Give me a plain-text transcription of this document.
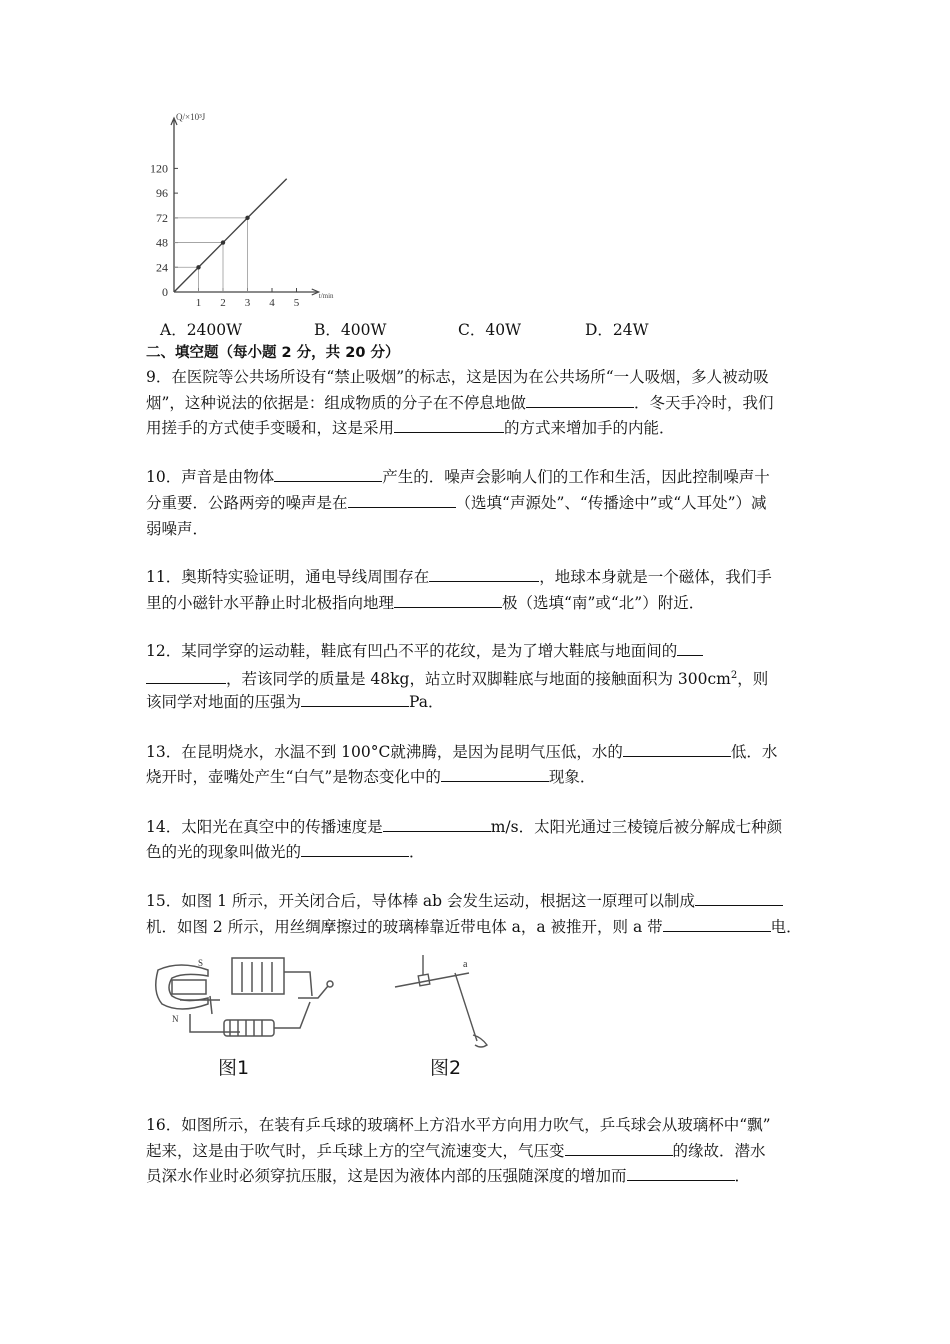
120
96
72
48
24
0
1 2 3 4 5
Q/×10³J
t/min
A．2400W	B．400W	C．40W	D．24W
二、填空题（每小题 2 分，共 20 分）
9．在医院等公共场所设有“禁止吸烟”的标志，这是因为在公共场所“一人吸烟，多人被动吸
烟”，这种说法的依据是：组成物质的分子在不停息地做	．冬天手冷时，我们
用搓手的方式使手变暖和，这是采用	的方式来增加手的内能．
10．声音是由物体	产生的．噪声会影响人们的工作和生活，因此控制噪声十
分重要．公路两旁的噪声是在	（选填“声源处”、“传播途中”或“人耳处”）减
弱噪声．
11．奥斯特实验证明，通电导线周围存在	，地球本身就是一个磁体，我们手
里的小磁针水平静止时北极指向地理	极（选填“南”或“北”）附近．
12．某同学穿的运动鞋，鞋底有凹凸不平的花纹，是为了增大鞋底与地面间的
，若该同学的质量是 48kg，站立时双脚鞋底与地面的接触面积为 $300cm^2$，则
该同学对地面的压强为	Pa．
13．在昆明烧水，水温不到 100°C就沸腾，是因为昆明气压低，水的	低．水
烧开时，壶嘴处产生“白气”是物态变化中的	现象．
14．太阳光在真空中的传播速度是	m/s．太阳光通过三棱镜后被分解成七种颜
色的光的现象叫做光的	．
15．如图 1 所示，开关闭合后，导体棒 ab 会发生运动，根据这一原理可以制成
机．如图 2 所示，用丝绸摩擦过的玻璃棒靠近带电体 a，a 被推开，则 a 带	电．
S
N
图1
a
图2
16．如图所示，在装有乒乓球的玻璃杯上方沿水平方向用力吹气，乒乓球会从玻璃杯中“飘”
起来，这是由于吹气时，乒乓球上方的空气流速变大，气压变	的缘故．潜水
员深水作业时必须穿抗压服，这是因为液体内部的压强随深度的增加而	．
